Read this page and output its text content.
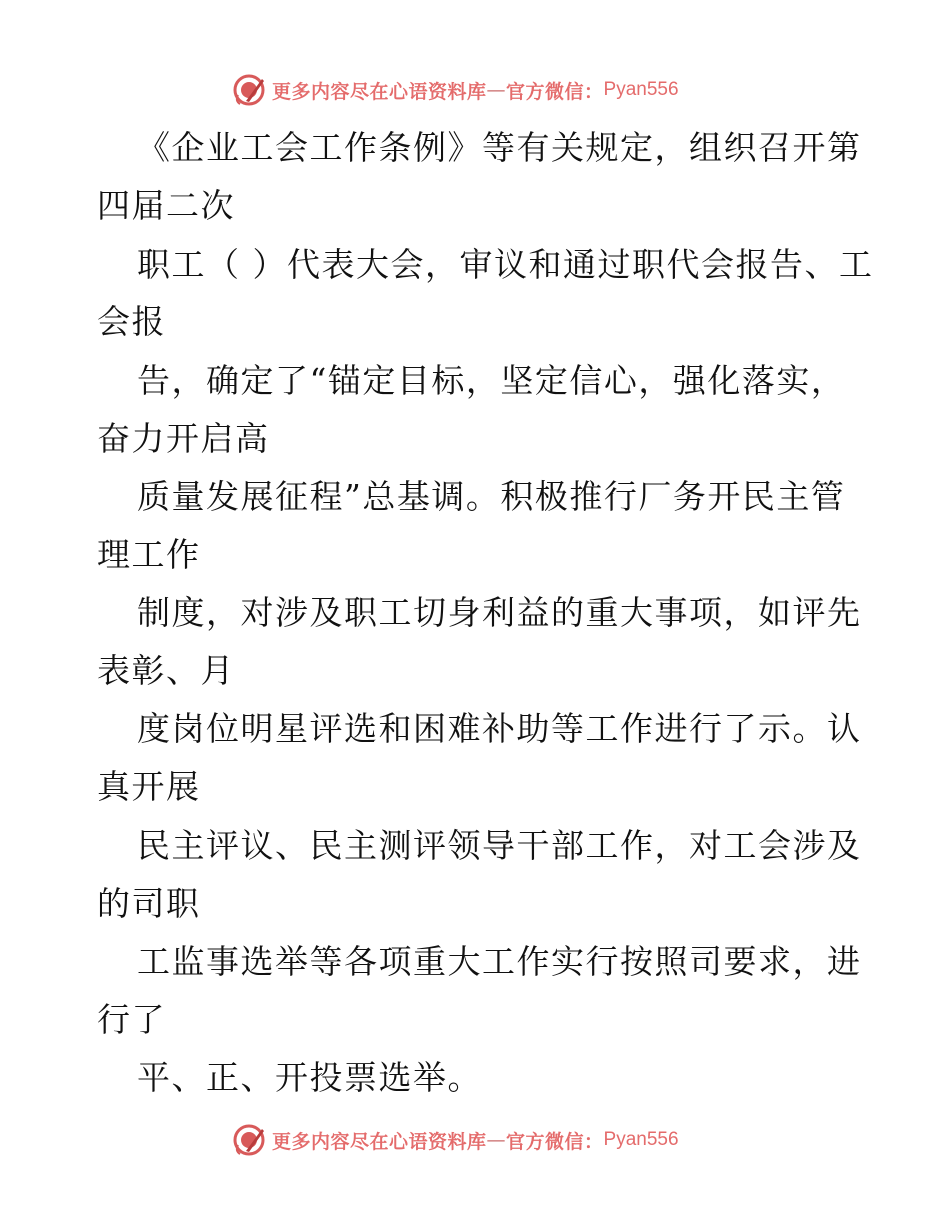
更多内容尽在心语资料库 — 官方微信： Pyan556
《企业工会工作条例》等有关规定，组织召开第
四届二次
职工（ ）代表大会，审议和通过职代会报告、工
会报
告，确定了“锚定目标，坚定信心，强化落实，
奋力开启高
质量发展征程”总基调。积极推行厂务开民主管
理工作
制度，对涉及职工切身利益的重大事项，如评先
表彰、月
度岗位明星评选和困难补助等工作进行了示。认
真开展
民主评议、民主测评领导干部工作，对工会涉及
的司职
工监事选举等各项重大工作实行按照司要求，进
行了
平、正、开投票选举。
更多内容尽在心语资料库 — 官方微信： Pyan556
